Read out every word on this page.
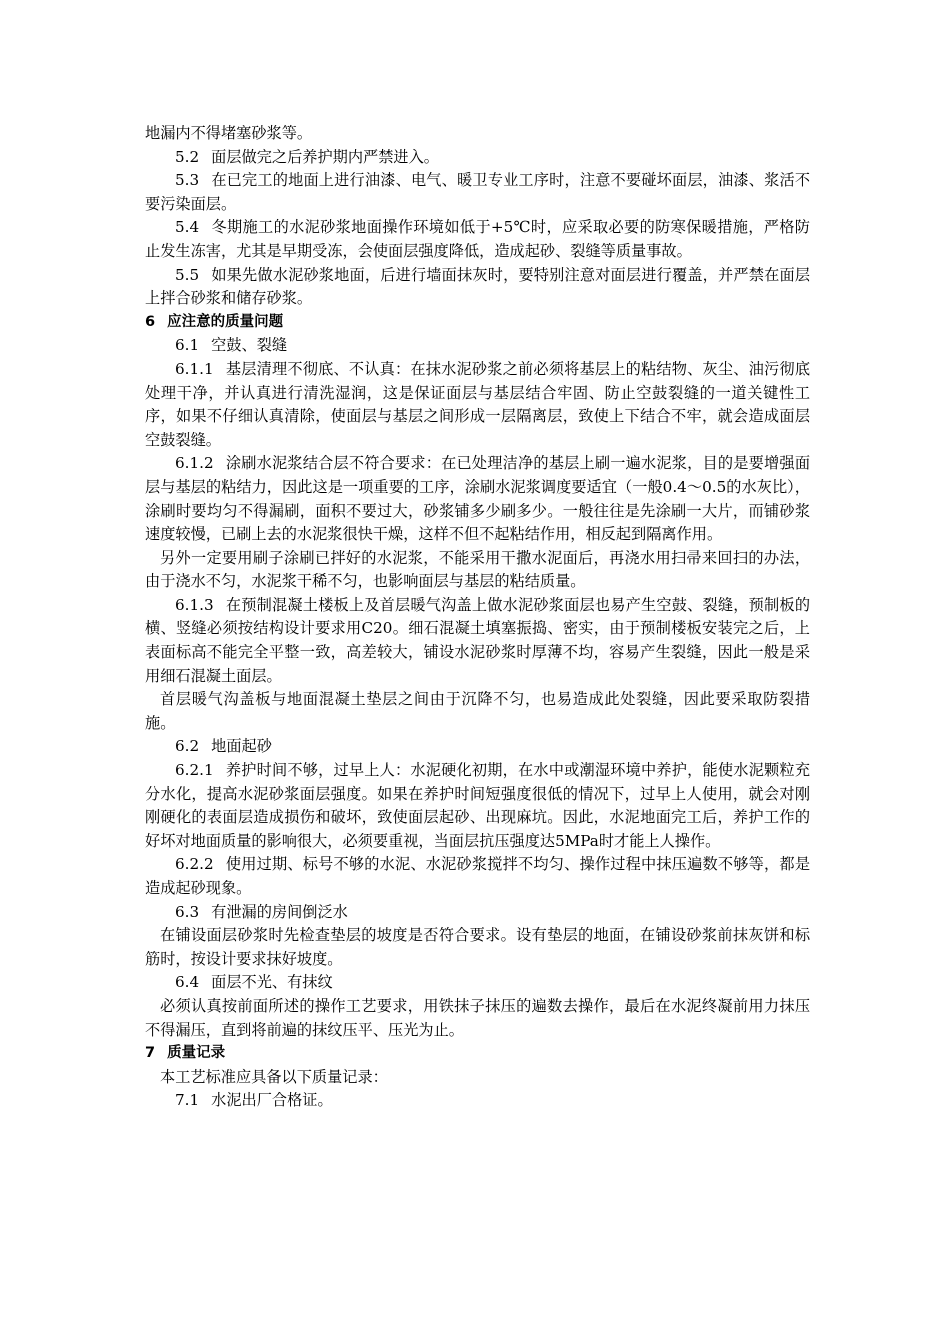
地漏内不得堵塞砂浆等。

5.2 面层做完之后养护期内严禁进入。

5.3 在已完工的地面上进行油漆、电气、暖卫专业工序时，注意不要碰坏面层，油漆、浆活不要污染面层。

5.4 冬期施工的水泥砂浆地面操作环境如低于+5℃时，应采取必要的防寒保暖措施，严格防止发生冻害，尤其是早期受冻，会使面层强度降低，造成起砂、裂缝等质量事故。

5.5 如果先做水泥砂浆地面，后进行墙面抹灰时，要特别注意对面层进行覆盖，并严禁在面层上拌合砂浆和储存砂浆。

6 应注意的质量问题

6.1 空鼓、裂缝

6.1.1 基层清理不彻底、不认真：在抹水泥砂浆之前必须将基层上的粘结物、灰尘、油污彻底处理干净，并认真进行清洗湿润，这是保证面层与基层结合牢固、防止空鼓裂缝的一道关键性工序，如果不仔细认真清除，使面层与基层之间形成一层隔离层，致使上下结合不牢，就会造成面层空鼓裂缝。

6.1.2 涂刷水泥浆结合层不符合要求：在已处理洁净的基层上刷一遍水泥浆，目的是要增强面层与基层的粘结力，因此这是一项重要的工序，涂刷水泥浆调度要适宜（一般0.4～0.5的水灰比），涂刷时要均匀不得漏刷，面积不要过大，砂浆铺多少刷多少。一般往往是先涂刷一大片，而铺砂浆速度较慢，已刷上去的水泥浆很快干燥，这样不但不起粘结作用，相反起到隔离作用。

另外一定要用刷子涂刷已拌好的水泥浆，不能采用干撒水泥面后，再浇水用扫帚来回扫的办法，由于浇水不匀，水泥浆干稀不匀，也影响面层与基层的粘结质量。

6.1.3 在预制混凝土楼板上及首层暖气沟盖上做水泥砂浆面层也易产生空鼓、裂缝，预制板的横、竖缝必须按结构设计要求用C20。细石混凝土填塞振捣、密实，由于预制楼板安装完之后，上表面标高不能完全平整一致，高差较大，铺设水泥砂浆时厚薄不均，容易产生裂缝，因此一般是采用细石混凝土面层。

首层暖气沟盖板与地面混凝土垫层之间由于沉降不匀，也易造成此处裂缝，因此要采取防裂措施。

6.2 地面起砂

6.2.1 养护时间不够，过早上人：水泥硬化初期，在水中或潮湿环境中养护，能使水泥颗粒充分水化，提高水泥砂浆面层强度。如果在养护时间短强度很低的情况下，过早上人使用，就会对刚刚硬化的表面层造成损伤和破坏，致使面层起砂、出现麻坑。因此，水泥地面完工后，养护工作的好坏对地面质量的影响很大，必须要重视，当面层抗压强度达5MPa时才能上人操作。

6.2.2 使用过期、标号不够的水泥、水泥砂浆搅拌不均匀、操作过程中抹压遍数不够等，都是造成起砂现象。

6.3 有泄漏的房间倒泛水

在铺设面层砂浆时先检查垫层的坡度是否符合要求。设有垫层的地面，在铺设砂浆前抹灰饼和标筋时，按设计要求抹好坡度。

6.4 面层不光、有抹纹

必须认真按前面所述的操作工艺要求，用铁抹子抹压的遍数去操作，最后在水泥终凝前用力抹压不得漏压，直到将前遍的抹纹压平、压光为止。

7 质量记录

本工艺标准应具备以下质量记录：

7.1 水泥出厂合格证。
